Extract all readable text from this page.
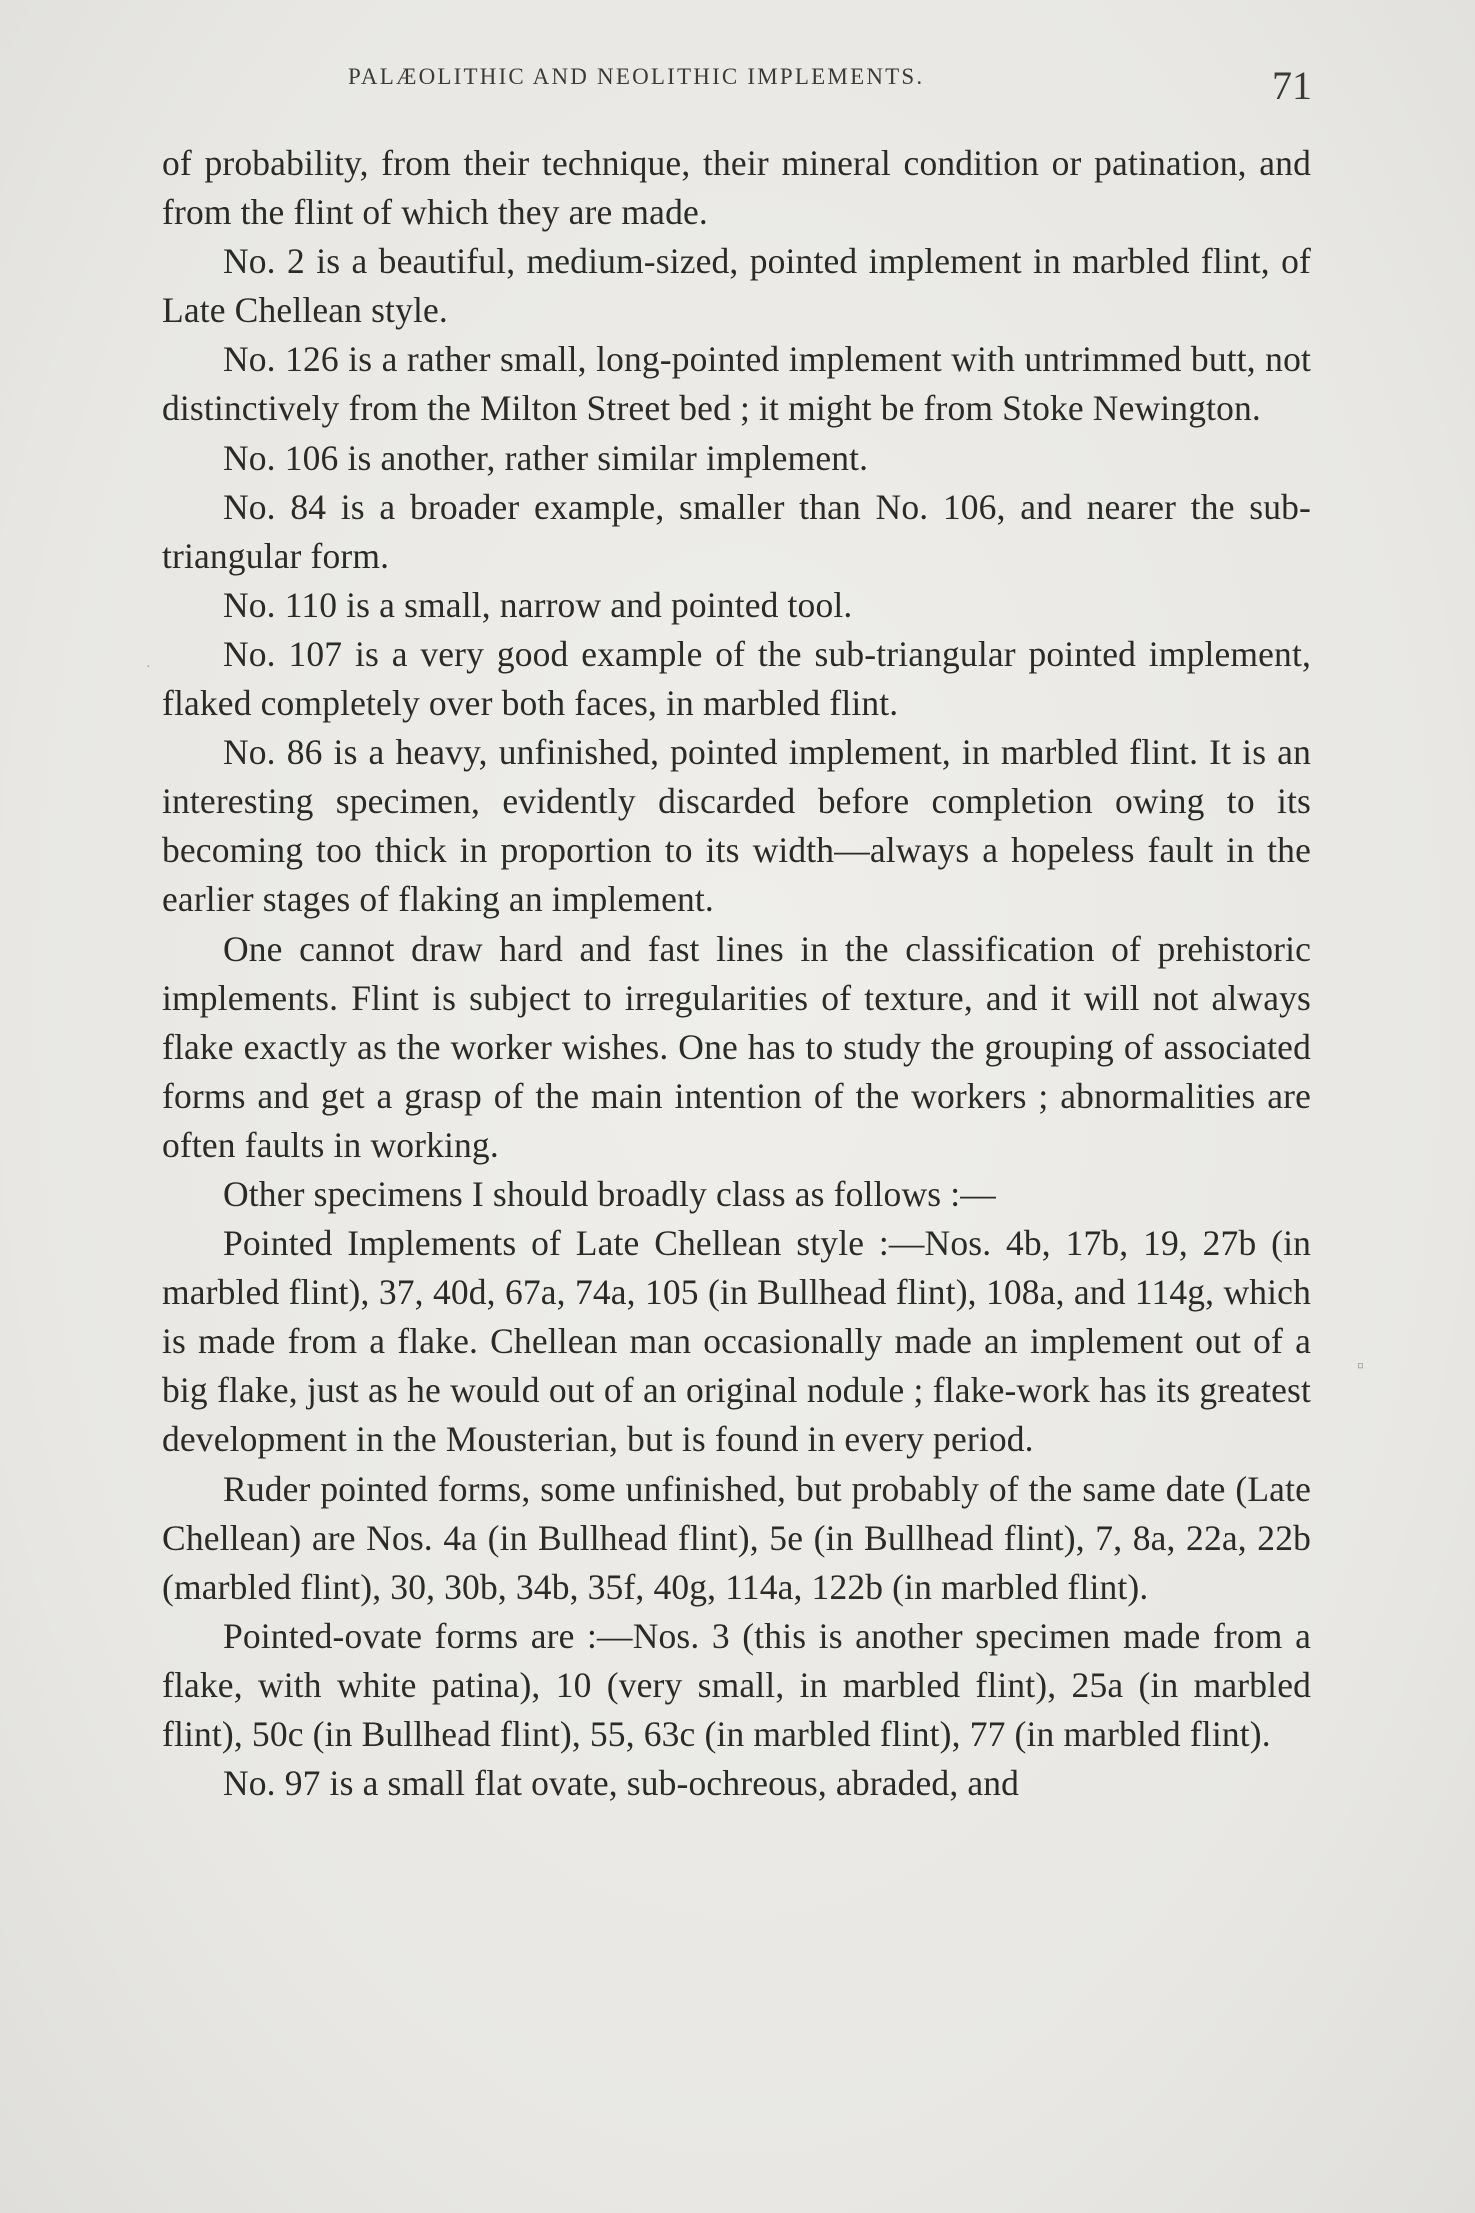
PALÆOLITHIC AND NEOLITHIC IMPLEMENTS.	71

of probability, from their technique, their mineral condition or patination, and from the flint of which they are made.

No. 2 is a beautiful, medium-sized, pointed implement in marbled flint, of Late Chellean style.

No. 126 is a rather small, long-pointed implement with untrimmed butt, not distinctively from the Milton Street bed ; it might be from Stoke Newington.

No. 106 is another, rather similar implement.

No. 84 is a broader example, smaller than No. 106, and nearer the sub-triangular form.

No. 110 is a small, narrow and pointed tool.

No. 107 is a very good example of the sub-triangular pointed implement, flaked completely over both faces, in marbled flint.

No. 86 is a heavy, unfinished, pointed implement, in marbled flint. It is an interesting specimen, evidently discarded before completion owing to its becoming too thick in proportion to its width—always a hopeless fault in the earlier stages of flaking an implement.

One cannot draw hard and fast lines in the classification of prehistoric implements. Flint is subject to irregularities of texture, and it will not always flake exactly as the worker wishes. One has to study the grouping of associated forms and get a grasp of the main intention of the workers ; abnormalities are often faults in working.

Other specimens I should broadly class as follows :—

Pointed Implements of Late Chellean style :—Nos. 4b, 17b, 19, 27b (in marbled flint), 37, 40d, 67a, 74a, 105 (in Bullhead flint), 108a, and 114g, which is made from a flake. Chellean man occasionally made an implement out of a big flake, just as he would out of an original nodule ; flake-work has its greatest development in the Mousterian, but is found in every period.

Ruder pointed forms, some unfinished, but probably of the same date (Late Chellean) are Nos. 4a (in Bullhead flint), 5e (in Bullhead flint), 7, 8a, 22a, 22b (marbled flint), 30, 30b, 34b, 35f, 40g, 114a, 122b (in marbled flint).

Pointed-ovate forms are :—Nos. 3 (this is another specimen made from a flake, with white patina), 10 (very small, in marbled flint), 25a (in marbled flint), 50c (in Bullhead flint), 55, 63c (in marbled flint), 77 (in marbled flint).

No. 97 is a small flat ovate, sub-ochreous, abraded, and

▫
·
